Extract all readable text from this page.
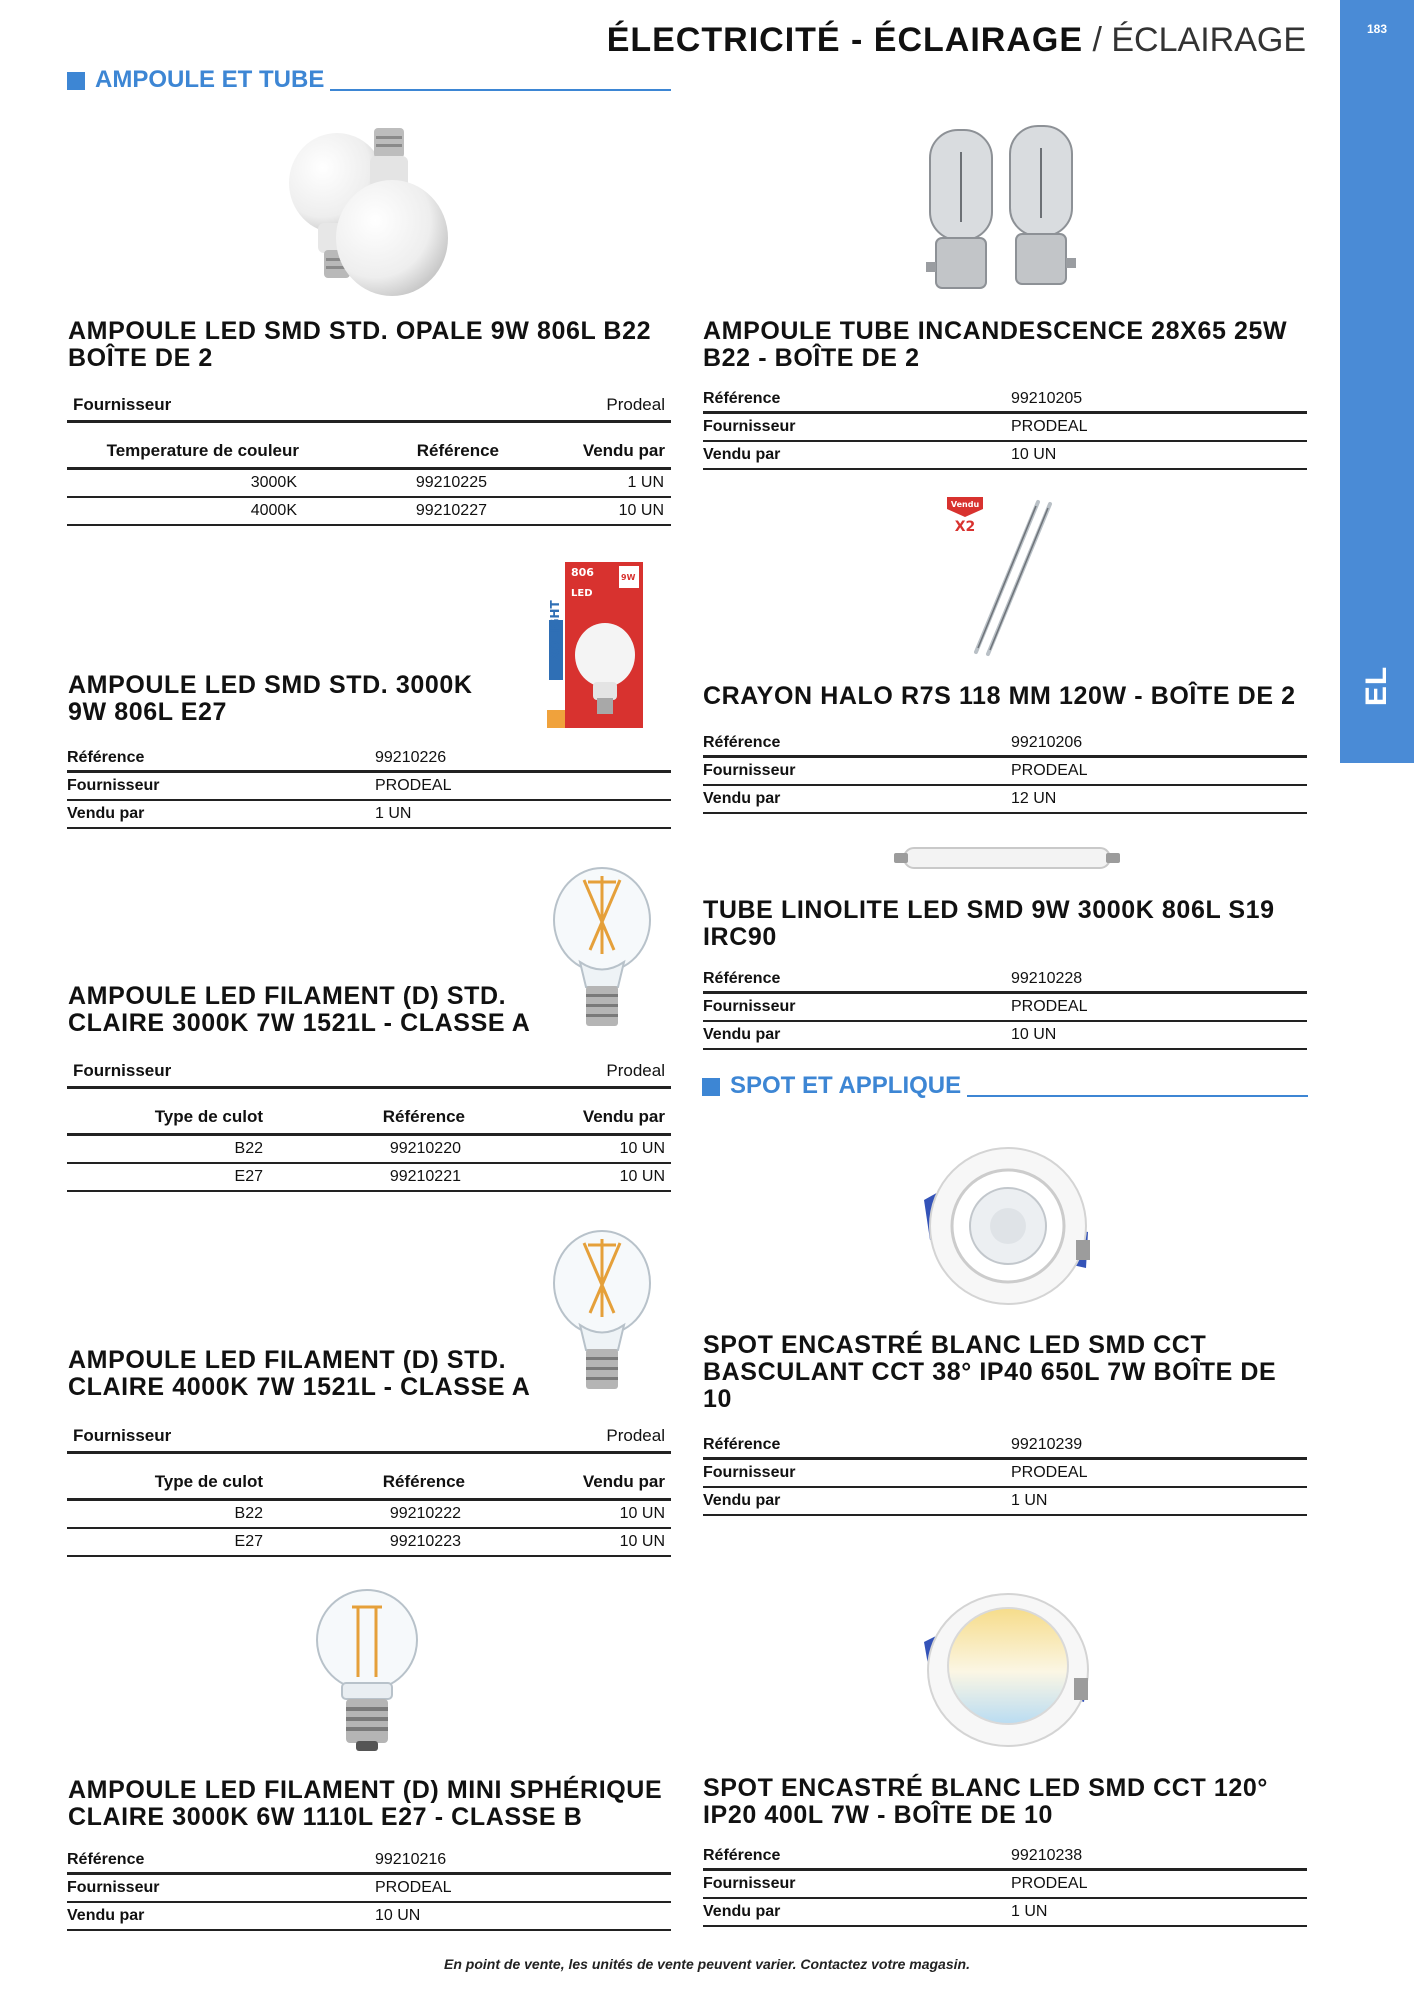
ÉLECTRICITÉ - ÉCLAIRAGE / ÉCLAIRAGE	183
EL
AMPOULE ET TUBE
AMPOULE LED SMD STD. OPALE 9W 806L B22 BOÎTE DE 2
Fournisseur	Prodeal
Temperature de couleur	Référence	Vendu par
3000K	99210225	1 UN
4000K	99210227	10 UN
XQLIGHT
806
LED
9W
AMPOULE LED SMD STD. 3000K 9W 806L E27
Référence	99210226
Fournisseur	PRODEAL
Vendu par	1 UN
AMPOULE LED FILAMENT (D) STD. CLAIRE 3000K 7W 1521L - CLASSE A
Fournisseur	Prodeal
Type de culot	Référence	Vendu par
B22	99210220	10 UN
E27	99210221	10 UN
AMPOULE LED FILAMENT (D) STD. CLAIRE 4000K 7W 1521L - CLASSE A
Fournisseur	Prodeal
Type de culot	Référence	Vendu par
B22	99210222	10 UN
E27	99210223	10 UN
AMPOULE LED FILAMENT (D) MINI SPHÉRIQUE CLAIRE 3000K 6W 1110L E27 - CLASSE B
Référence	99210216
Fournisseur	PRODEAL
Vendu par	10 UN
AMPOULE TUBE INCANDESCENCE 28X65 25W B22 - BOÎTE DE 2
Référence	99210205
Fournisseur	PRODEAL
Vendu par	10 UN
Vendu
X2
CRAYON HALO R7S 118 MM 120W - BOÎTE DE 2
Référence	99210206
Fournisseur	PRODEAL
Vendu par	12 UN
TUBE LINOLITE LED SMD 9W 3000K 806L S19 IRC90
Référence	99210228
Fournisseur	PRODEAL
Vendu par	10 UN
SPOT ET APPLIQUE
SPOT ENCASTRÉ BLANC LED SMD CCT BASCULANT CCT 38° IP40 650L 7W BOÎTE DE 10
Référence	99210239
Fournisseur	PRODEAL
Vendu par	1 UN
SPOT ENCASTRÉ BLANC LED SMD CCT 120° IP20 400L 7W - BOÎTE DE 10
Référence	99210238
Fournisseur	PRODEAL
Vendu par	1 UN
En point de vente, les unités de vente peuvent varier. Contactez votre magasin.
